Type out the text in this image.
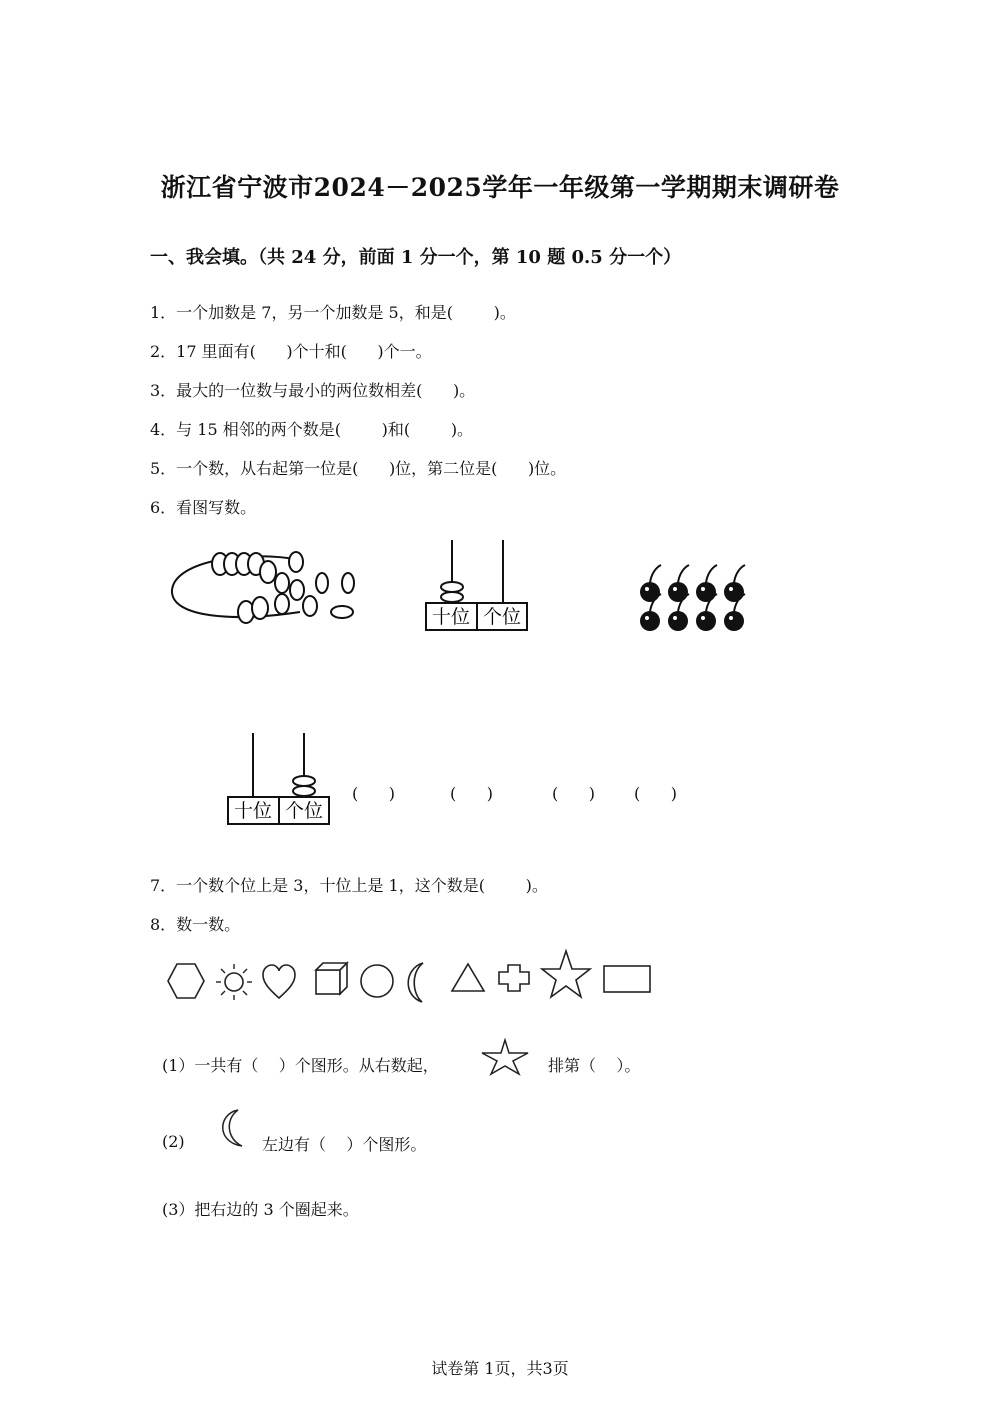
浙江省宁波市2024－2025学年一年级第一学期期末调研卷
一、我会填。（共 24 分，前面 1 分一个，第 10 题 0.5 分一个）
1．一个加数是 7，另一个加数是 5，和是(        )。
2．17 里面有(      )个十和(      )个一。
3．最大的一位数与最小的两位数相差(      )。
4．与 15 相邻的两个数是(        )和(        )。
5．一个数，从右起第一位是(      )位，第二位是(      )位。
6．看图写数。
十位 个位
十位 个位
(      )	(      )	(      ) (      )
7．一个数个位上是 3，十位上是 1，这个数是(        )。
8．数一数。
(1）一共有（    ）个图形。从右数起，	排第（    ）。
(2)	左边有（    ）个图形。
(3）把右边的 3 个圈起来。
试卷第 1页，共3页
